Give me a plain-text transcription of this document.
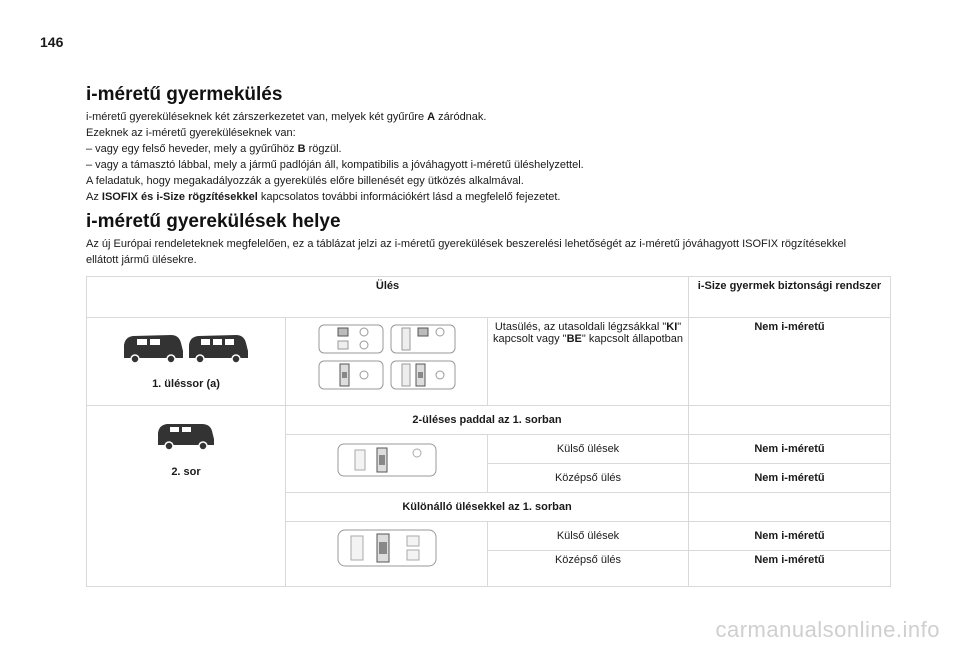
146
i-méretű gyermekülés

i-méretű gyerekülése​knek két zárszerkezetet van, melyek két gyűrűre A záródnak.

Ezeknek az i-méretű gyerekülése​knek van:

– vagy egy felső heveder, mely a gyűrűhöz B rögzül.

– vagy a támasztó lábbal, mely a jármű padlóján áll, kompatibilis a jóváhagyott i-méretű üléshelyzettel.

A feladatuk, hogy megakadályozzák a gyerekülés előre billenését egy ütközés alkalmával.

Az ISOFIX és i-Size rögzítésekkel kapcsolatos további információkért lásd a megfelelő fejezetet.

i-méretű gyerekülések helye

Az új Európai rendeleteknek megfelelően, ez a táblázat jelzi az i-méretű gyerekülések beszerelési lehetőségét az i-méretű jóváhagyott ISOFIX rögzítésekkel ellátott jármű ülésekre.

Ülés			i-Size gyermek biztonsági rendszer

1. üléssor (a)		Utasülés, az utasoldali légzsákkal "KI" kapcsolt vagy "BE" kapcsolt állapotban	Nem i-méretű

2. sor	2-üléses paddal az 1. sorban		
	Külső ülések	Nem i-méretű
		Középső ülés	Nem i-méretű
	Különálló ülésekkel az 1. sorban		
	Külső ülések	Nem i-méretű
		Középső ülés	Nem i-méretű
carmanualsonline.info
